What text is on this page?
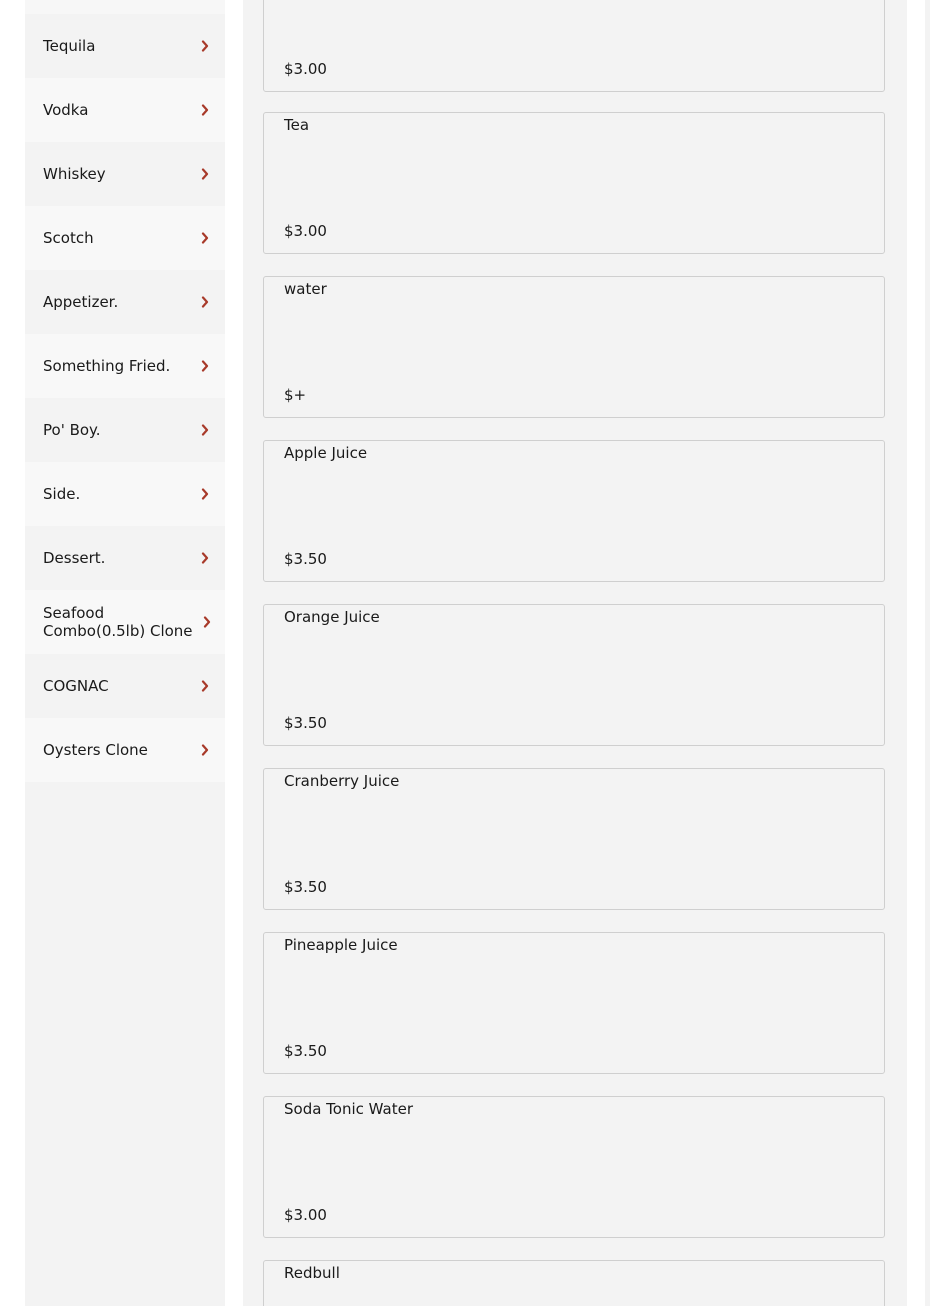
Tequila
Vodka
Whiskey
Scotch
Appetizer.
Something Fried.
Po' Boy.
Side.
Dessert.
Seafood Combo(0.5lb) Clone
COGNAC
Oysters Clone
$3.00
Tea
$3.00
water
$+
Apple Juice
$3.50
Orange Juice
$3.50
Cranberry Juice
$3.50
Pineapple Juice
$3.50
Soda Tonic Water
$3.00
Redbull
